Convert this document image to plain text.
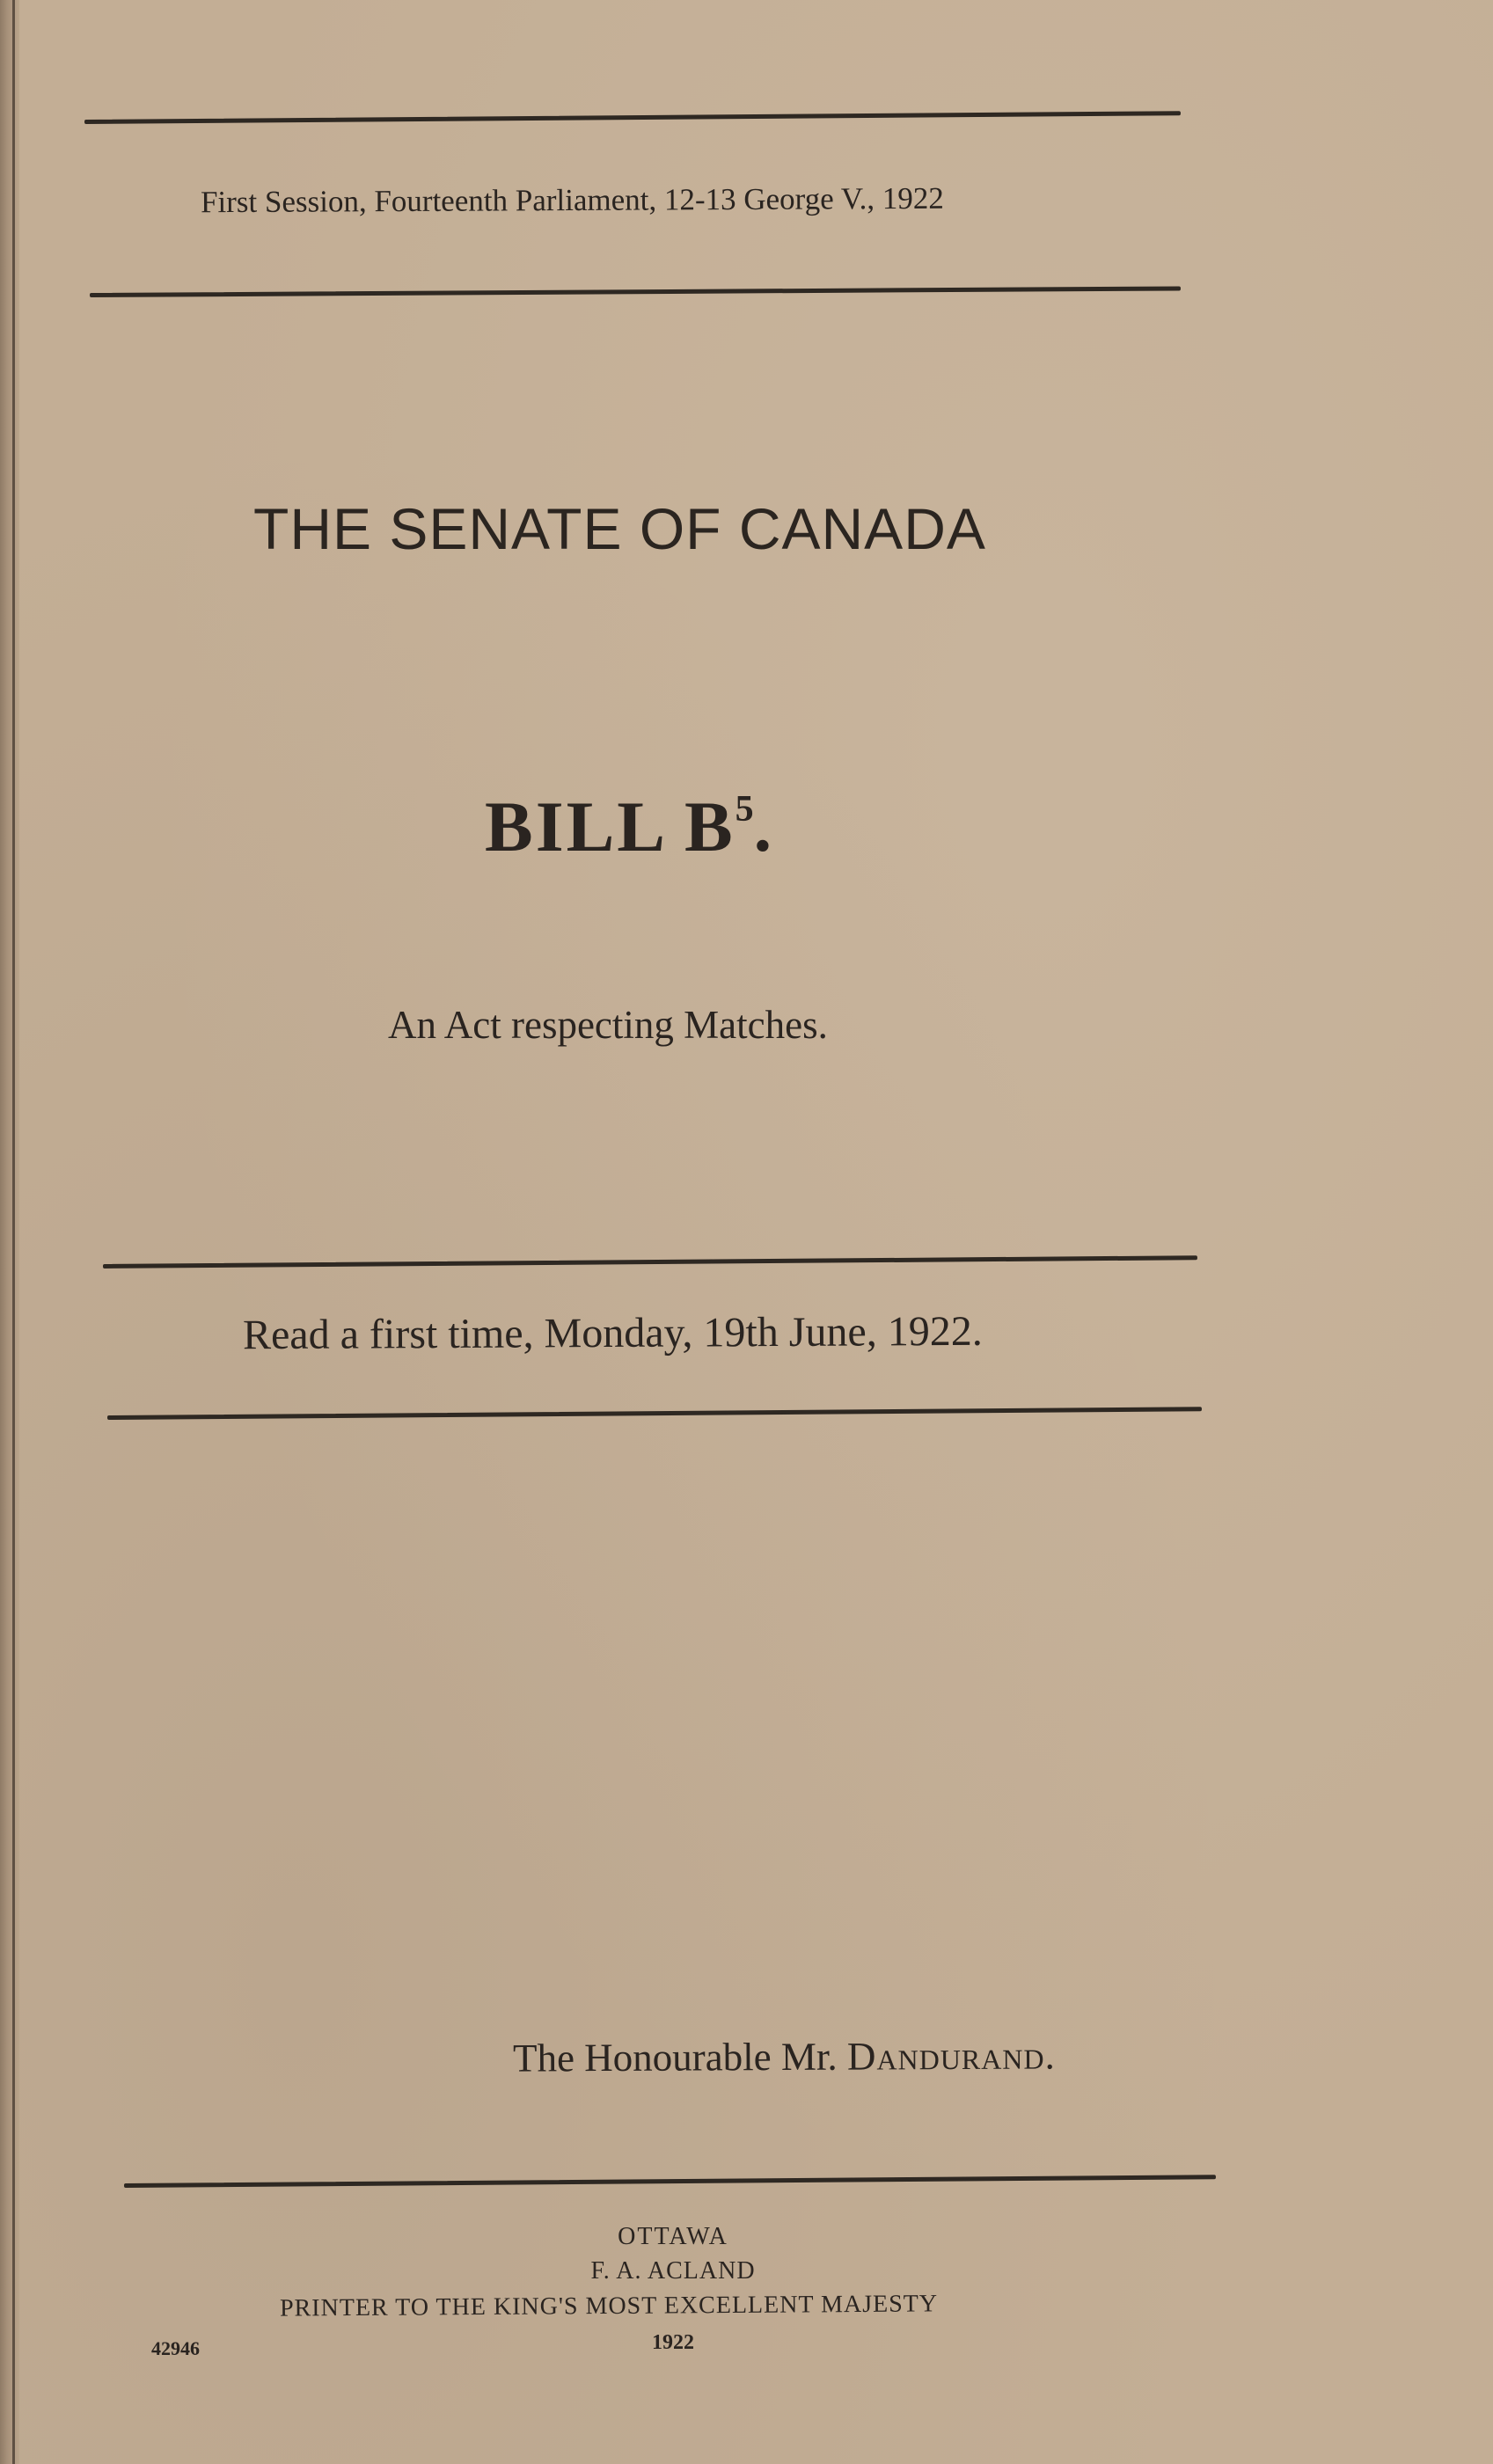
First Session, Fourteenth Parliament, 12-13 George V., 1922
THE SENATE OF CANADA
BILL $B^5$.
An Act respecting Matches.
Read a first time, Monday, 19th June, 1922.
The Honourable Mr. Dandurand.
OTTAWA
F. A. ACLAND
PRINTER TO THE KING'S MOST EXCELLENT MAJESTY
1922
42946
